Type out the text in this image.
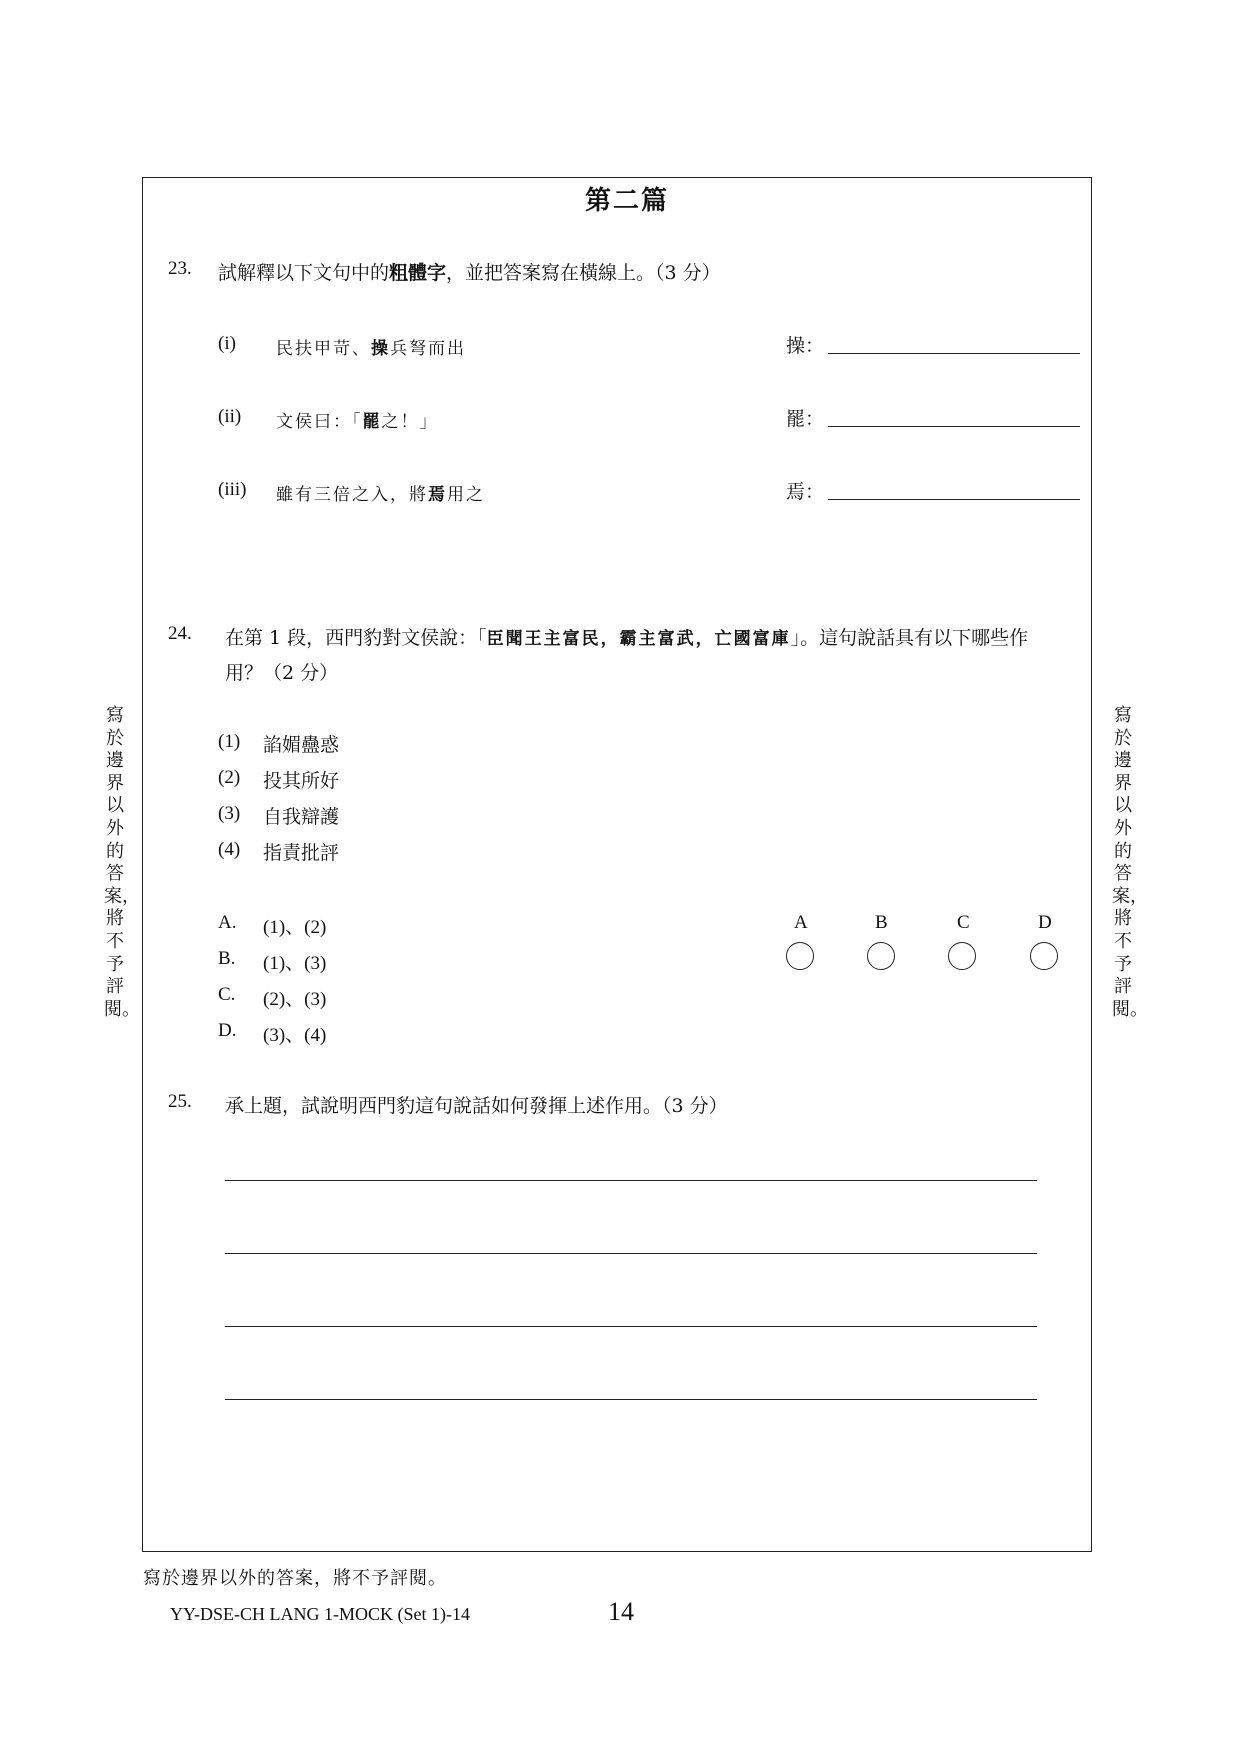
寫於邊界以外的答案，將不予評閱。
寫於邊界以外的答案，將不予評閱。
第二篇
23. 試解釋以下文句中的粗體字，並把答案寫在橫線上。（3 分）
(i) 民扶甲苛、操兵弩而出	操：
(ii) 文侯曰：「罷之！」	罷：
(iii) 雖有三倍之入，將焉用之	焉：
24. 在第 1 段，西門豹對文侯說：「臣聞王主富民，霸主富武，亡國富庫」。這句說話具有以下哪些作
用？（2 分）
(1) 諂媚蠱惑
(2) 投其所好
(3) 自我辯護
(4) 指責批評
A. (1)、(2)
B. (1)、(3)
C. (2)、(3)
D. (3)、(4)
A	B	C	D
25. 承上題，試說明西門豹這句說話如何發揮上述作用。（3 分）
寫於邊界以外的答案，將不予評閱。
YY-DSE-CH LANG 1-MOCK (Set 1)-14	14
